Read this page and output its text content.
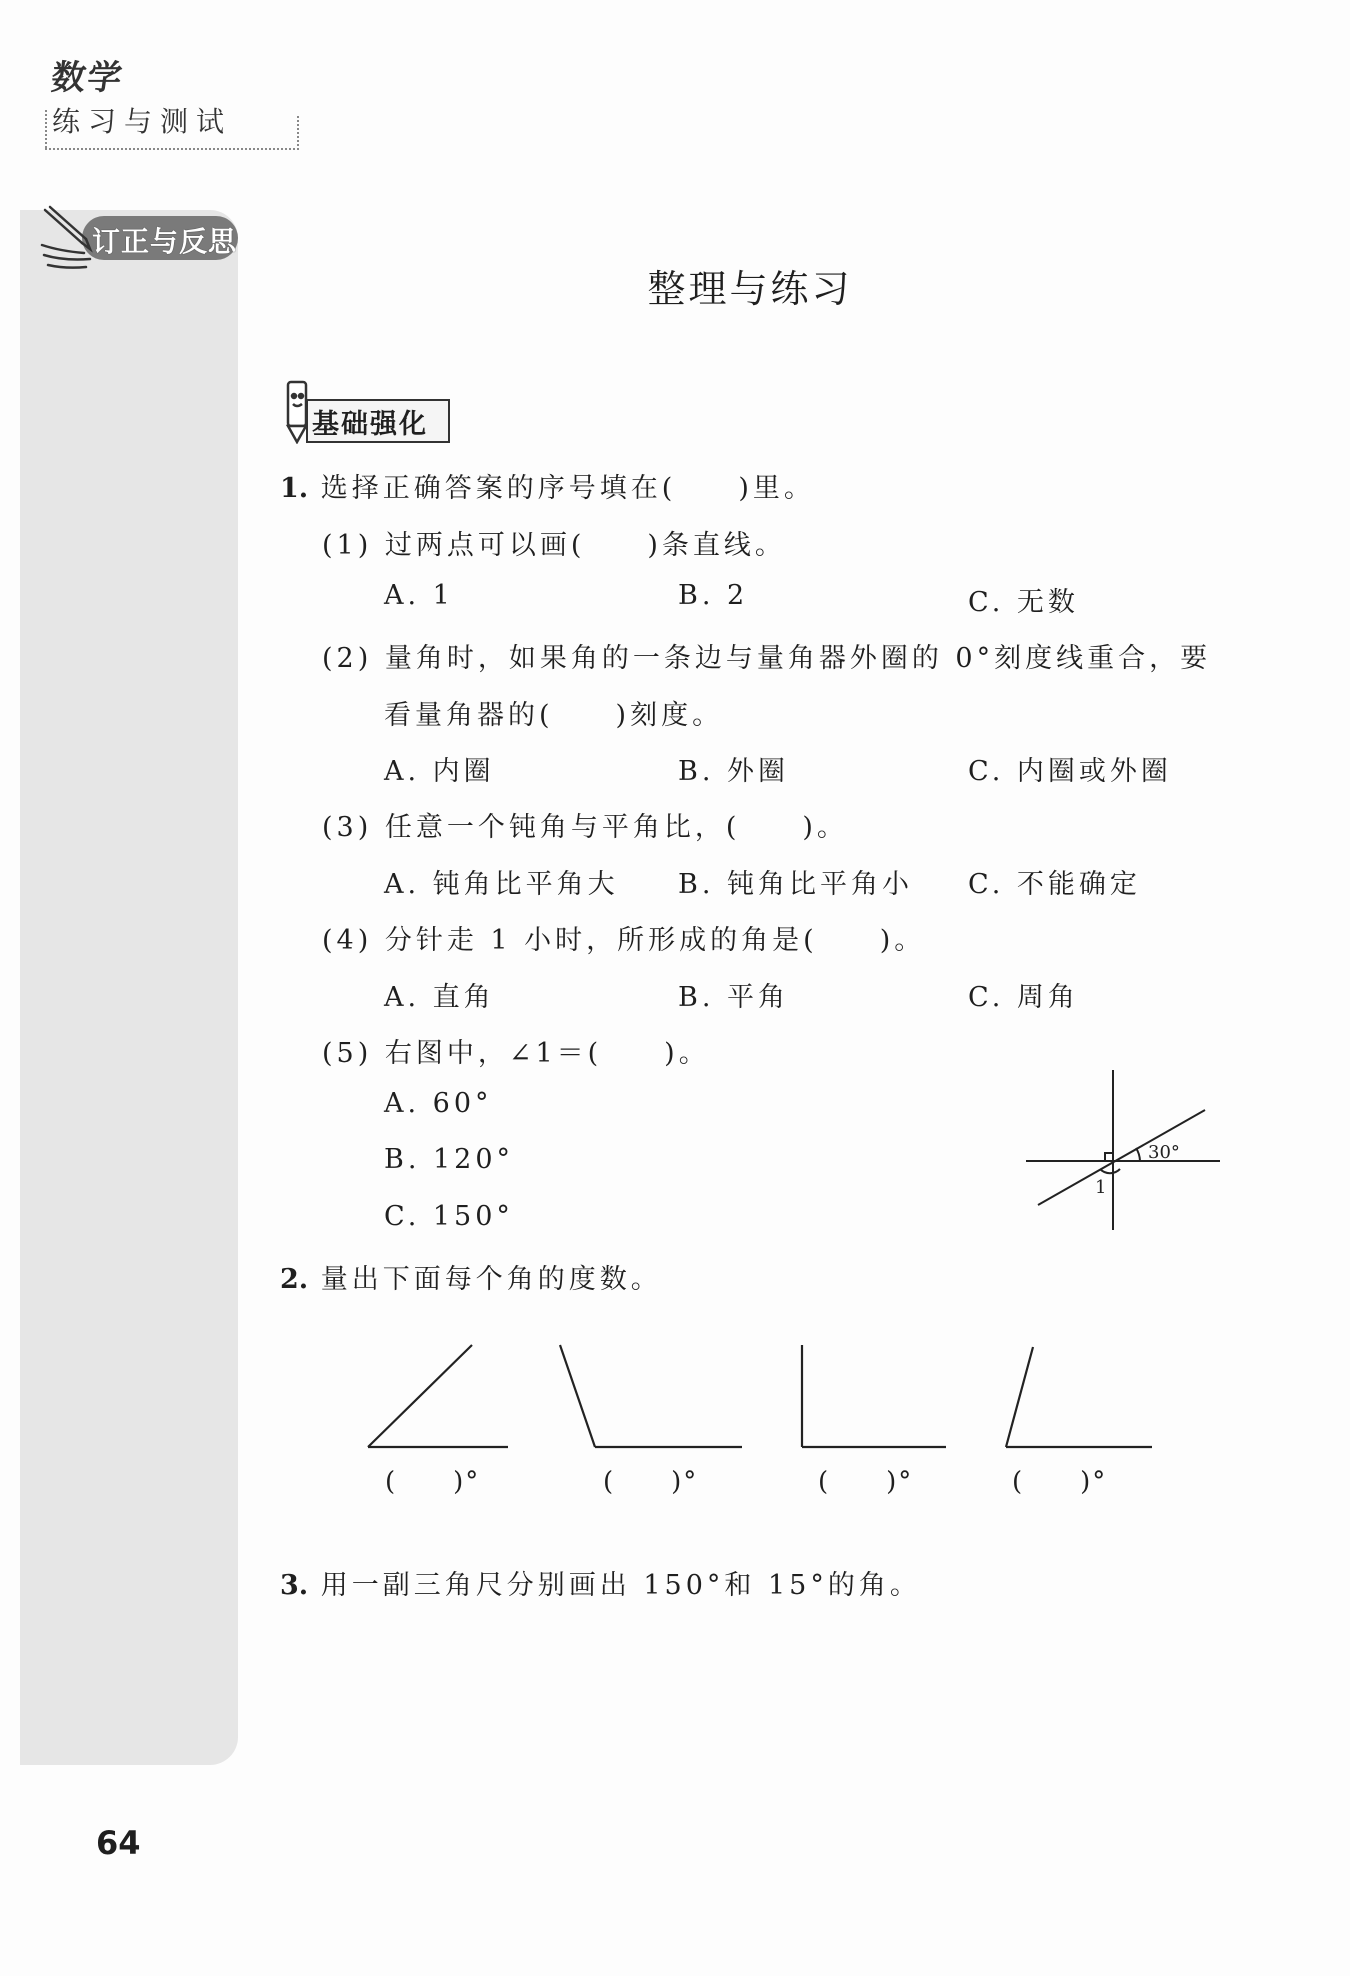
数学
练习与测试
订正与反思
整理与练习
基础强化
1. 选择正确答案的序号填在(　　)里。
(1) 过两点可以画(　　)条直线。
A. 1	B. 2	C. 无数
(2) 量角时，如果角的一条边与量角器外圈的 0°刻度线重合，要
看量角器的(　　)刻度。
A. 内圈	B. 外圈	C. 内圈或外圈
(3) 任意一个钝角与平角比，(　　)。
A. 钝角比平角大 B. 钝角比平角小 C. 不能确定
(4) 分针走 1 小时，所形成的角是(　　)。
A. 直角	B. 平角	C. 周角
(5) 右图中，∠1＝(　　)。
A. 60°
B. 120°
C. 150°
30°
1
2. 量出下面每个角的度数。
(　　)°	(　　)°	(　　)°	(　　)°
3. 用一副三角尺分别画出 150°和 15°的角。
64
